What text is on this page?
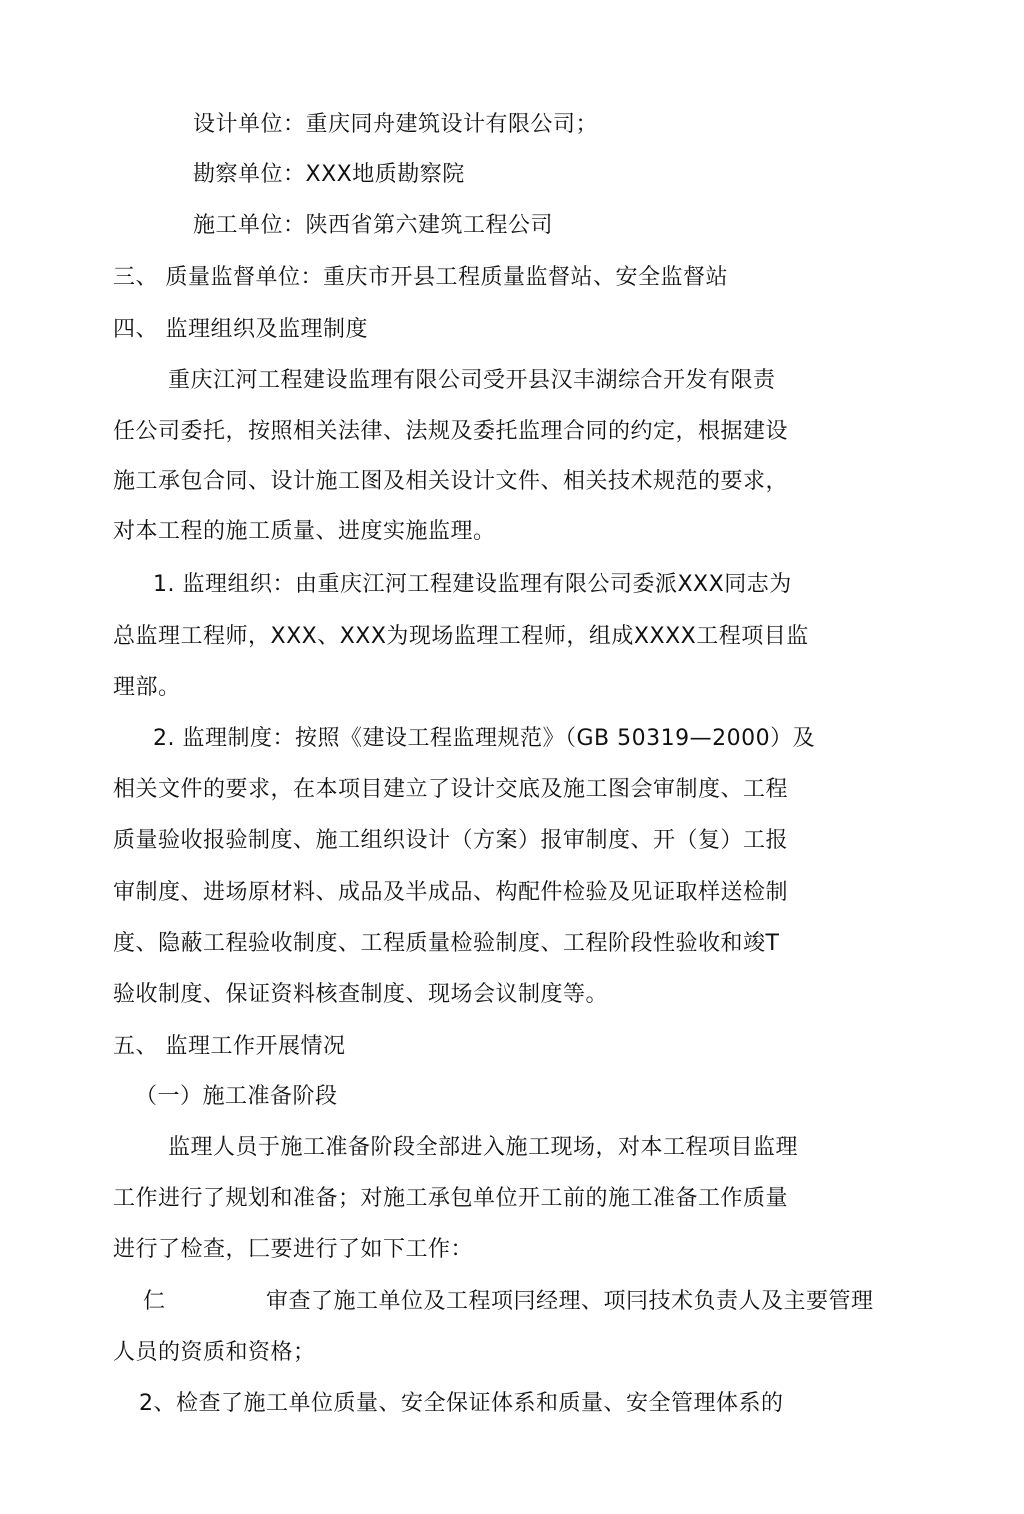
设计单位：重庆同舟建筑设计有限公司；
勘察单位：XXX地质勘察院
施工单位：陕西省第六建筑工程公司
三、 质量监督单位：重庆市开县工程质量监督站、安全监督站
四、 监理组织及监理制度
重庆江河工程建设监理有限公司受开县汉丰湖综合开发有限责
任公司委托，按照相关法律、法规及委托监理合同的约定，根据建设
施工承包合同、设计施工图及相关设计文件、相关技术规范的要求，
对本工程的施工质量、进度实施监理。
1. 监理组织：由重庆江河工程建设监理有限公司委派XXX同志为
总监理工程师，XXX、XXX为现场监理工程师，组成XXXX工程项目监
理部。
2. 监理制度：按照《建设工程监理规范》（GB 50319—2000）及
相关文件的要求，在本项目建立了设计交底及施工图会审制度、工程
质量验收报验制度、施工组织设计（方案）报审制度、开（复）工报
审制度、进场原材料、成品及半成品、构配件检验及见证取样送检制
度、隐蔽工程验收制度、工程质量检验制度、工程阶段性验收和竣T
验收制度、保证资料核查制度、现场会议制度等。
五、 监理工作开展情况
（一）施工准备阶段
监理人员于施工准备阶段全部进入施工现场，对本工程项目监理
工作进行了规划和准备；对施工承包单位开工前的施工准备工作质量
进行了检查，匚要进行了如下工作：
仁	审查了施工单位及工程项冃经理、项冃技术负责人及主要管理
人员的资质和资格；
2、检查了施工单位质量、安全保证体系和质量、安全管理体系的
